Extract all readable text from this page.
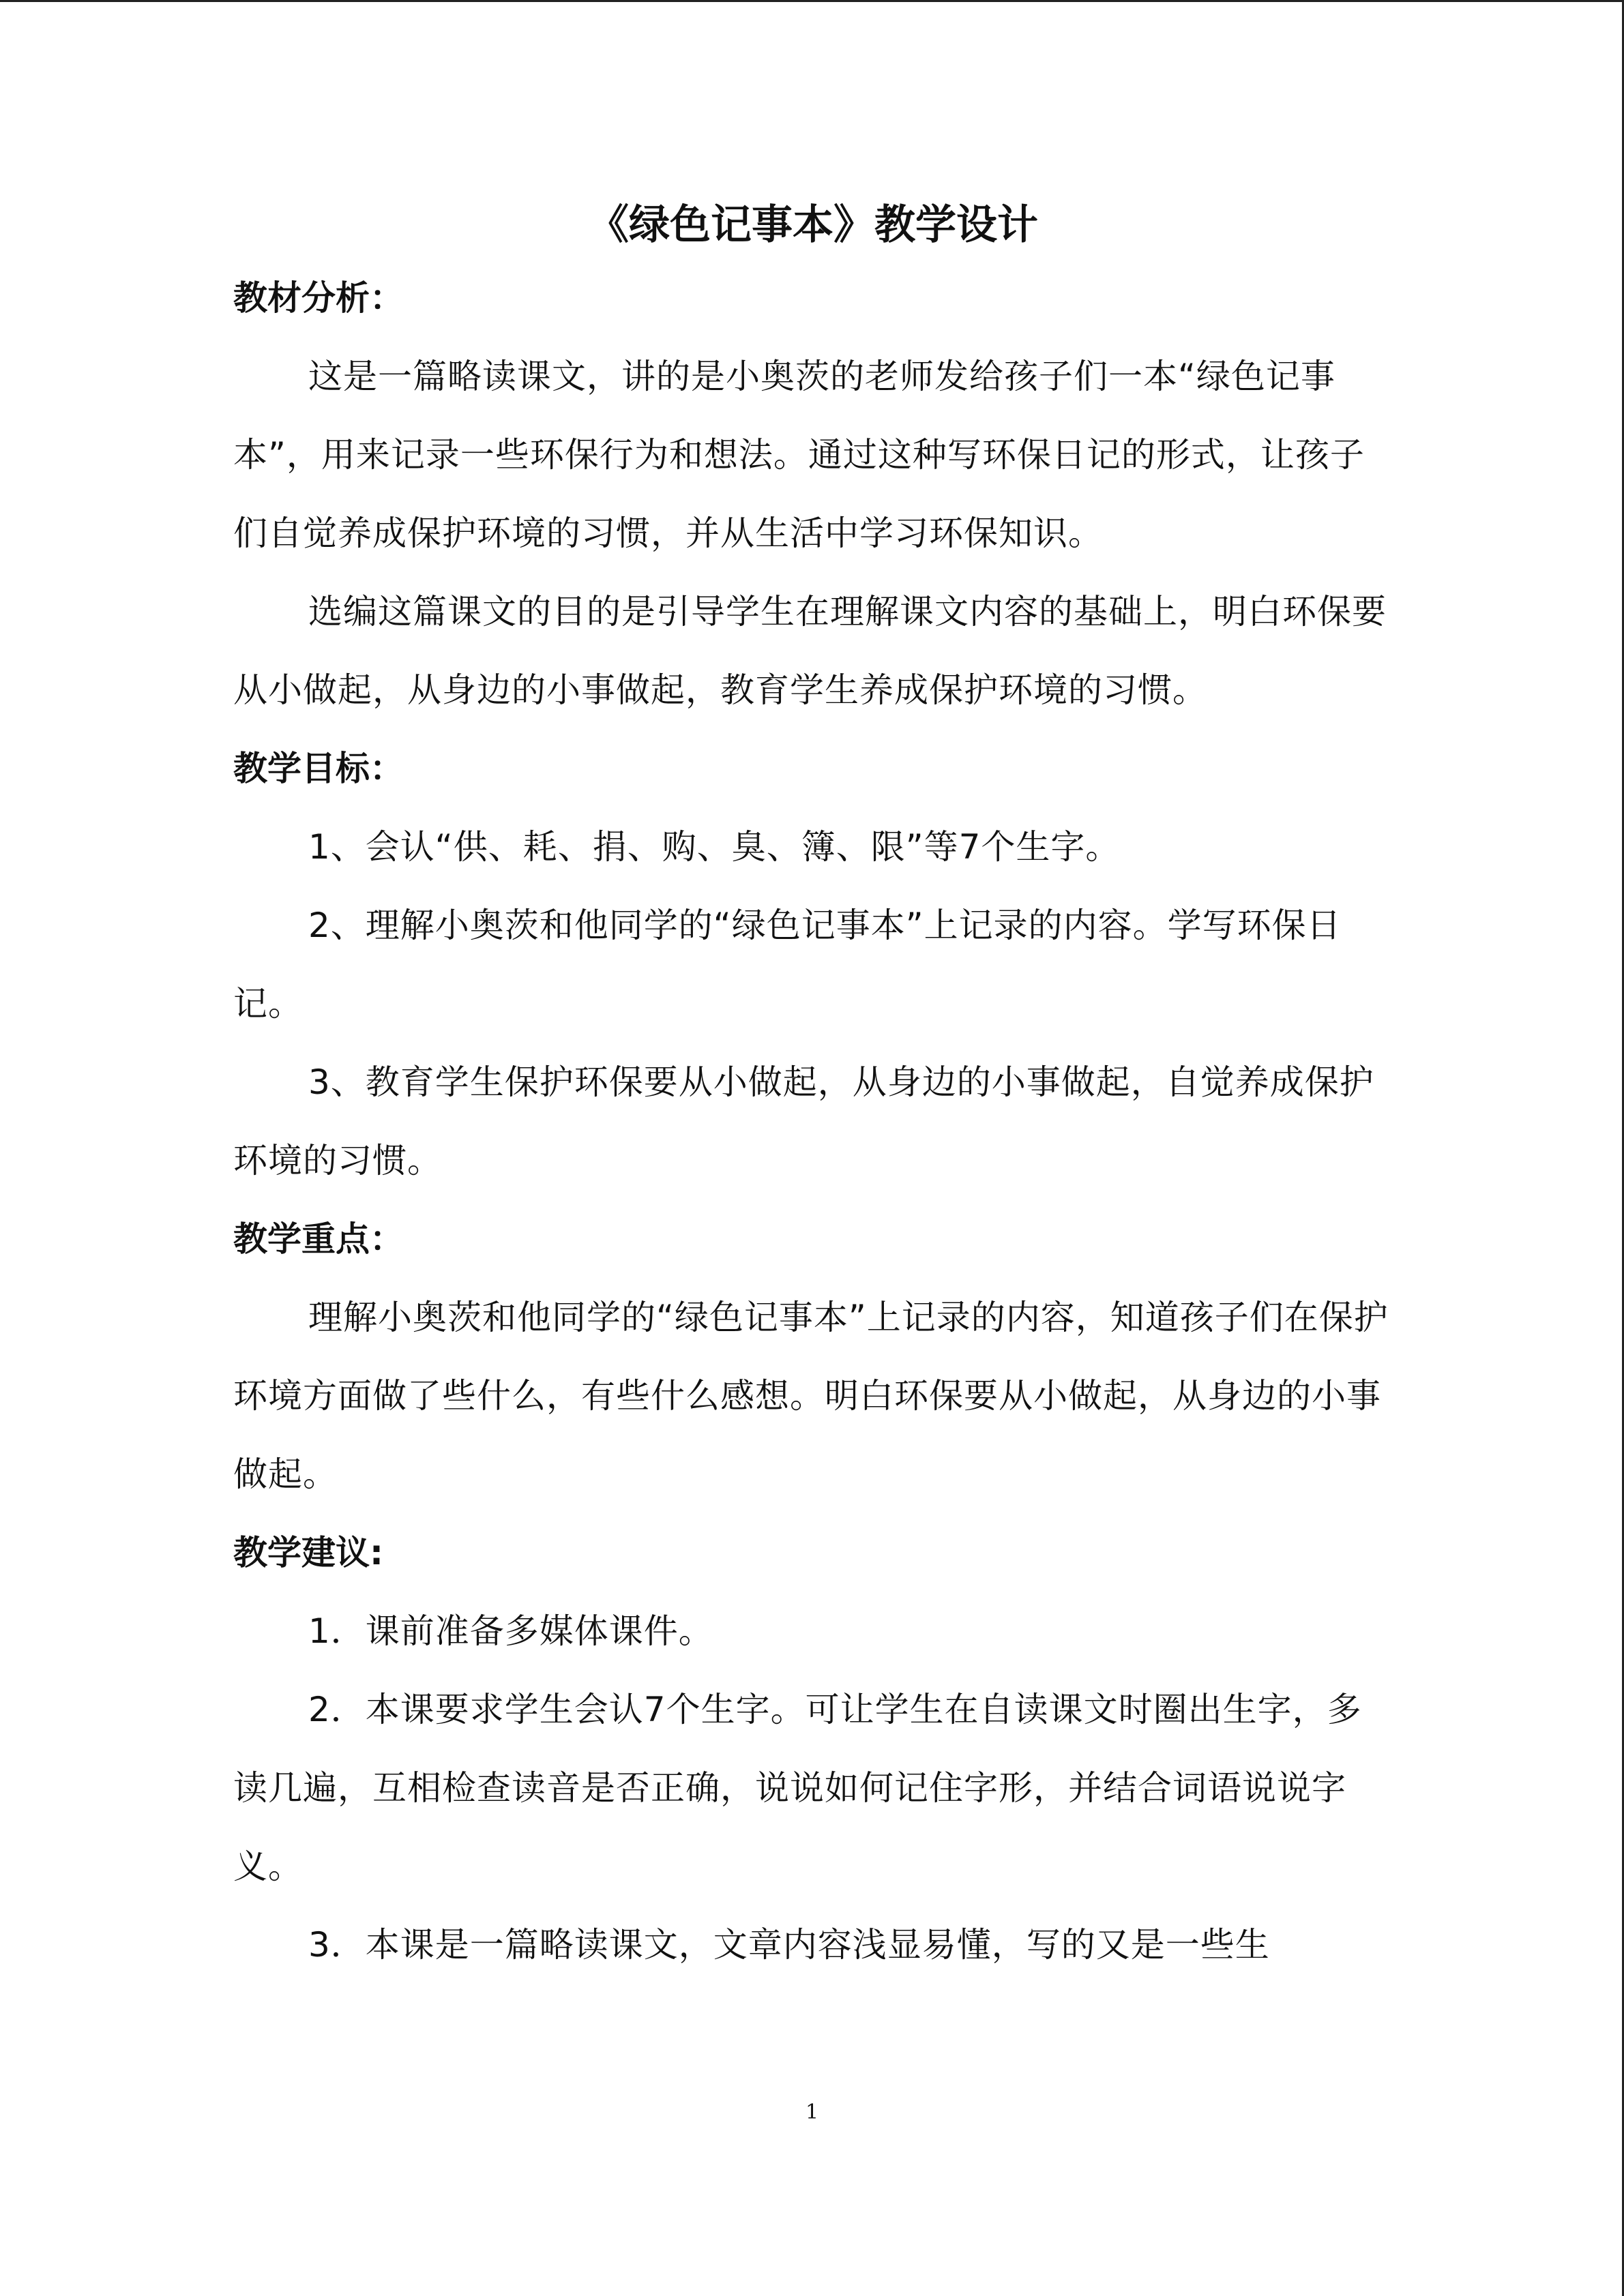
《绿色记事本》教学设计

教材分析：

这是一篇略读课文，讲的是小奥茨的老师发给孩子们一本“绿色记事本”，用来记录一些环保行为和想法。通过这种写环保日记的形式，让孩子们自觉养成保护环境的习惯，并从生活中学习环保知识。

选编这篇课文的目的是引导学生在理解课文内容的基础上，明白环保要从小做起，从身边的小事做起，教育学生养成保护环境的习惯。

教学目标：

1、会认“供、耗、捐、购、臭、簿、限”等7个生字。

2、理解小奥茨和他同学的“绿色记事本”上记录的内容。学写环保日记。

3、教育学生保护环保要从小做起，从身边的小事做起，自觉养成保护环境的习惯。

教学重点：

理解小奥茨和他同学的“绿色记事本”上记录的内容，知道孩子们在保护环境方面做了些什么，有些什么感想。明白环保要从小做起，从身边的小事做起。

教学建议:

1．课前准备多媒体课件。

2．本课要求学生会认7个生字。可让学生在自读课文时圈出生字，多读几遍，互相检查读音是否正确，说说如何记住字形，并结合词语说说字义。

3．本课是一篇略读课文，文章内容浅显易懂，写的又是一些生

1
